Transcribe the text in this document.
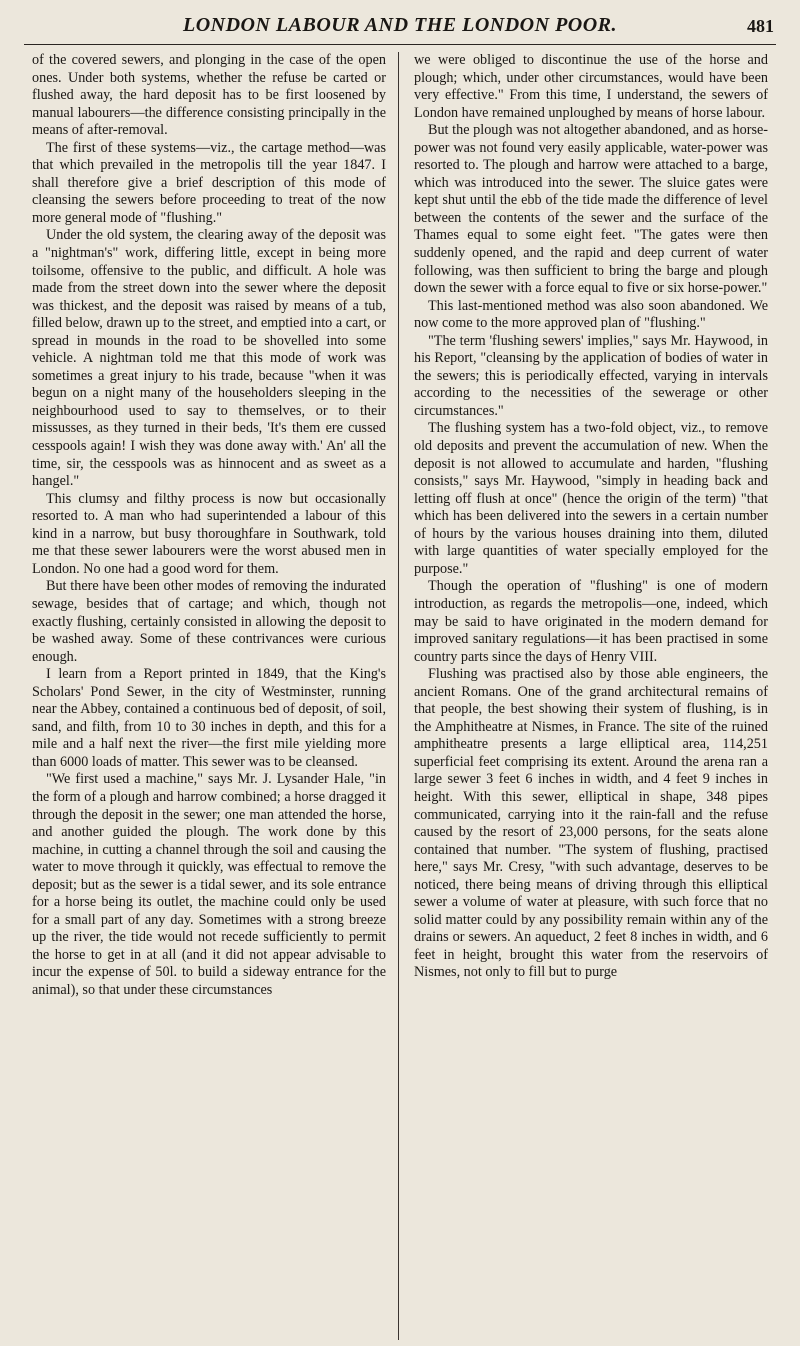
LONDON LABOUR AND THE LONDON POOR.	481

of the covered sewers, and plonging in the case of the open ones. Under both systems, whether the refuse be carted or flushed away, the hard deposit has to be first loosened by manual labourers—the difference consisting principally in the means of after-removal.

The first of these systems—viz., the cartage method—was that which prevailed in the metropolis till the year 1847. I shall therefore give a brief description of this mode of cleansing the sewers before proceeding to treat of the now more general mode of "flushing."

Under the old system, the clearing away of the deposit was a "nightman's" work, differing little, except in being more toilsome, offensive to the public, and difficult. A hole was made from the street down into the sewer where the deposit was thickest, and the deposit was raised by means of a tub, filled below, drawn up to the street, and emptied into a cart, or spread in mounds in the road to be shovelled into some vehicle. A nightman told me that this mode of work was sometimes a great injury to his trade, because "when it was begun on a night many of the householders sleeping in the neighbourhood used to say to themselves, or to their missusses, as they turned in their beds, 'It's them ere cussed cesspools again! I wish they was done away with.' An' all the time, sir, the cesspools was as hinnocent and as sweet as a hangel."

This clumsy and filthy process is now but occasionally resorted to. A man who had superintended a labour of this kind in a narrow, but busy thoroughfare in Southwark, told me that these sewer labourers were the worst abused men in London. No one had a good word for them.

But there have been other modes of removing the indurated sewage, besides that of cartage; and which, though not exactly flushing, certainly consisted in allowing the deposit to be washed away. Some of these contrivances were curious enough.

I learn from a Report printed in 1849, that the King's Scholars' Pond Sewer, in the city of Westminster, running near the Abbey, contained a continuous bed of deposit, of soil, sand, and filth, from 10 to 30 inches in depth, and this for a mile and a half next the river—the first mile yielding more than 6000 loads of matter. This sewer was to be cleansed.

"We first used a machine," says Mr. J. Lysander Hale, "in the form of a plough and harrow combined; a horse dragged it through the deposit in the sewer; one man attended the horse, and another guided the plough. The work done by this machine, in cutting a channel through the soil and causing the water to move through it quickly, was effectual to remove the deposit; but as the sewer is a tidal sewer, and its sole entrance for a horse being its outlet, the machine could only be used for a small part of any day. Sometimes with a strong breeze up the river, the tide would not recede sufficiently to permit the horse to get in at all (and it did not appear advisable to incur the expense of 50l. to build a sideway entrance for the animal), so that under these circumstances

we were obliged to discontinue the use of the horse and plough; which, under other circumstances, would have been very effective." From this time, I understand, the sewers of London have remained unploughed by means of horse labour.

But the plough was not altogether abandoned, and as horse-power was not found very easily applicable, water-power was resorted to. The plough and harrow were attached to a barge, which was introduced into the sewer. The sluice gates were kept shut until the ebb of the tide made the difference of level between the contents of the sewer and the surface of the Thames equal to some eight feet. "The gates were then suddenly opened, and the rapid and deep current of water following, was then sufficient to bring the barge and plough down the sewer with a force equal to five or six horse-power."

This last-mentioned method was also soon abandoned. We now come to the more approved plan of "flushing."

"The term 'flushing sewers' implies," says Mr. Haywood, in his Report, "cleansing by the application of bodies of water in the sewers; this is periodically effected, varying in intervals according to the necessities of the sewerage or other circumstances."

The flushing system has a two-fold object, viz., to remove old deposits and prevent the accumulation of new. When the deposit is not allowed to accumulate and harden, "flushing consists," says Mr. Haywood, "simply in heading back and letting off flush at once" (hence the origin of the term) "that which has been delivered into the sewers in a certain number of hours by the various houses draining into them, diluted with large quantities of water specially employed for the purpose."

Though the operation of "flushing" is one of modern introduction, as regards the metropolis—one, indeed, which may be said to have originated in the modern demand for improved sanitary regulations—it has been practised in some country parts since the days of Henry VIII.

Flushing was practised also by those able engineers, the ancient Romans. One of the grand architectural remains of that people, the best showing their system of flushing, is in the Amphitheatre at Nismes, in France. The site of the ruined amphitheatre presents a large elliptical area, 114,251 superficial feet comprising its extent. Around the arena ran a large sewer 3 feet 6 inches in width, and 4 feet 9 inches in height. With this sewer, elliptical in shape, 348 pipes communicated, carrying into it the rain-fall and the refuse caused by the resort of 23,000 persons, for the seats alone contained that number. "The system of flushing, practised here," says Mr. Cresy, "with such advantage, deserves to be noticed, there being means of driving through this elliptical sewer a volume of water at pleasure, with such force that no solid matter could by any possibility remain within any of the drains or sewers. An aqueduct, 2 feet 8 inches in width, and 6 feet in height, brought this water from the reservoirs of Nismes, not only to fill but to purge
